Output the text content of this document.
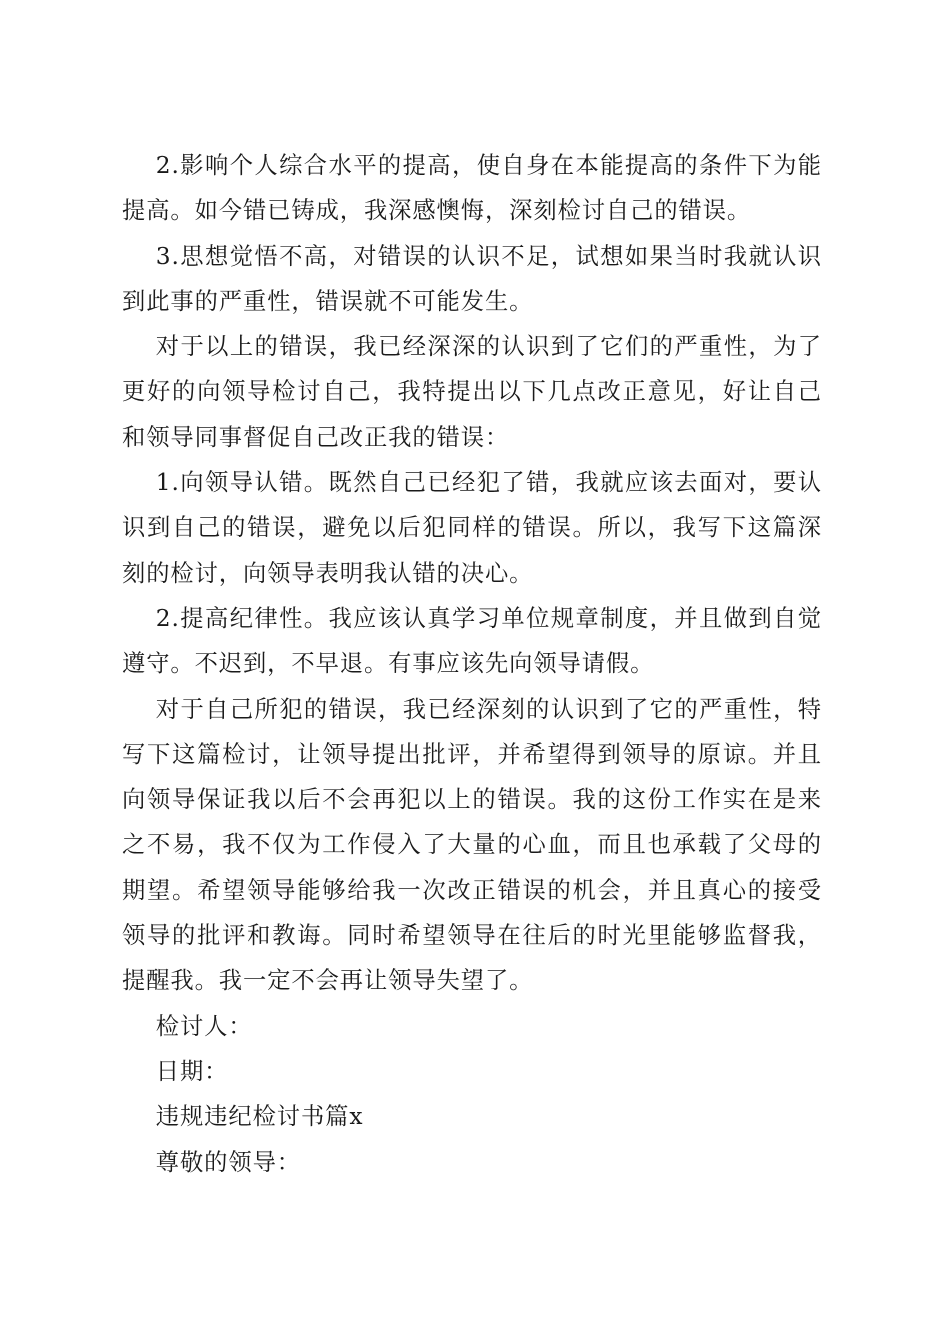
2.影响个人综合水平的提高，使自身在本能提高的条件下为能提高。如今错已铸成，我深感懊悔，深刻检讨自己的错误。

3.思想觉悟不高，对错误的认识不足，试想如果当时我就认识到此事的严重性，错误就不可能发生。

对于以上的错误，我已经深深的认识到了它们的严重性，为了更好的向领导检讨自己，我特提出以下几点改正意见，好让自己和领导同事督促自己改正我的错误：

1.向领导认错。既然自己已经犯了错，我就应该去面对，要认识到自己的错误，避免以后犯同样的错误。所以，我写下这篇深刻的检讨，向领导表明我认错的决心。

2.提高纪律性。我应该认真学习单位规章制度，并且做到自觉遵守。不迟到，不早退。有事应该先向领导请假。

对于自己所犯的错误，我已经深刻的认识到了它的严重性，特写下这篇检讨，让领导提出批评，并希望得到领导的原谅。并且向领导保证我以后不会再犯以上的错误。我的这份工作实在是来之不易，我不仅为工作侵入了大量的心血，而且也承载了父母的期望。希望领导能够给我一次改正错误的机会，并且真心的接受领导的批评和教诲。同时希望领导在往后的时光里能够监督我，提醒我。我一定不会再让领导失望了。

检讨人：

日期：

违规违纪检讨书篇x

尊敬的领导：
